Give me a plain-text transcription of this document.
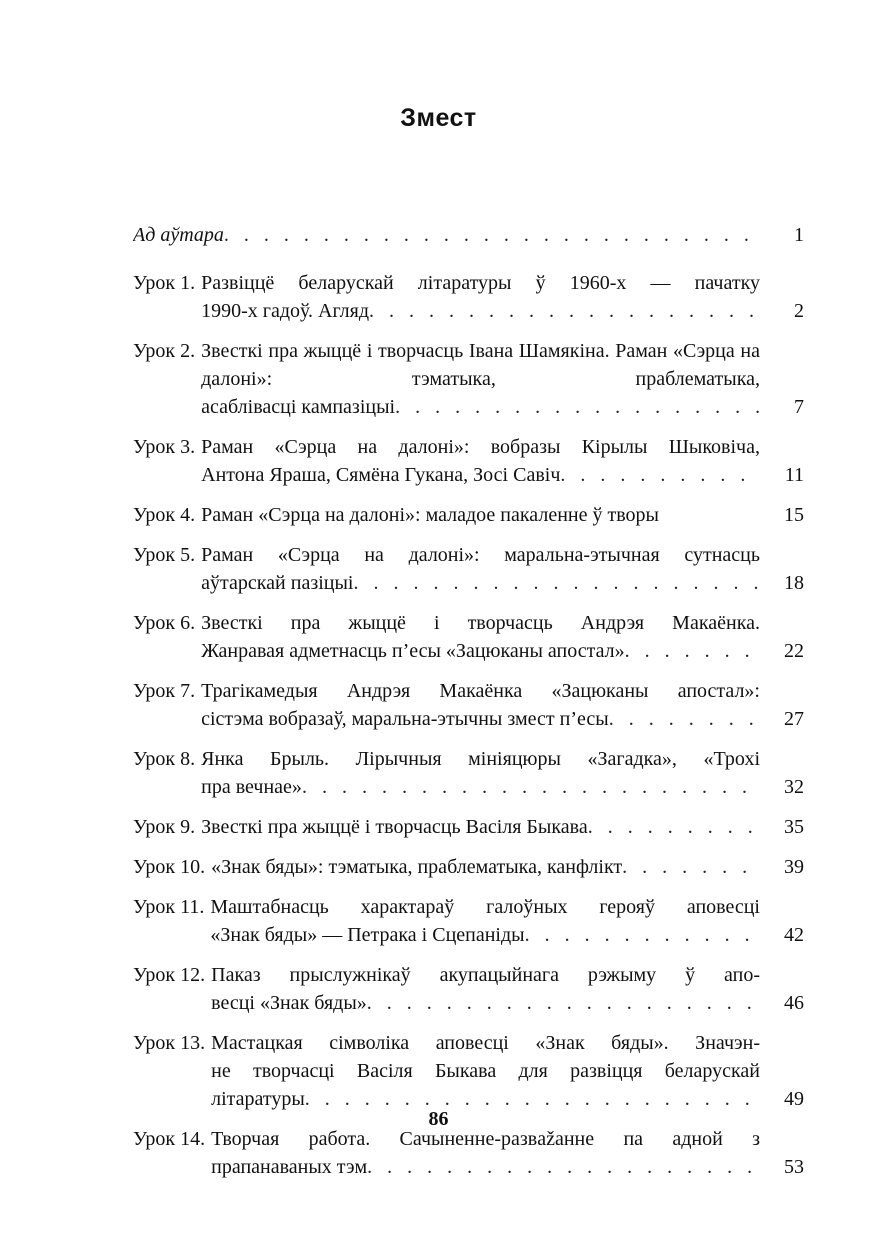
Змест
Ад аўтара . . .	1
Урок 1. Развіццё беларускай літаратуры ў 1960-х — пачатку
1990-х гадоў. Агляд . . .	2
Урок 2. Звесткі пра жыццё і творчасць Івана Шамякіна. Раман «Сэрца на далоні»: тэматыка, праблематыка,
асаблівасці кампазіцыі . . .	7
Урок 3. Раман «Сэрца на далоні»: вобразы Кірылы Шыковіча,
Антона Яраша, Сямёна Гукана, Зосі Савіч . . .	11
Урок 4. Раман «Сэрца на далоні»: маладое пакаленне ў творы	15
Урок 5. Раман «Сэрца на далоні»: маральна-этычная сутнасць
аўтарскай пазіцыі . . .	18
Урок 6. Звесткі пра жыццё і творчасць Андрэя Макаёнка.
Жанравая адметнасць п’есы «Зацюканы апостал» . . .	22
Урок 7. Трагікамедыя Андрэя Макаёнка «Зацюканы апостал»:
сістэма вобразаў, маральна-этычны змест п’есы . . .	27
Урок 8. Янка Брыль. Лірычныя мініяцюры «Загадка», «Трохі
пра вечнае» . . .	32
Урок 9. Звесткі пра жыццё і творчасць Васіля Быкава . . .	35
Урок 10. «Знак бяды»: тэматыка, праблематыка, канфлікт . . .	39
Урок 11. Маштабнасць характараў галоўных герояў аповесці
«Знак бяды» — Петрака і Сцепаніды . . .	42
Урок 12. Паказ прыслужнікаў акупацыйнага рэжыму ў апо-
весці «Знак бяды» . . .	46
Урок 13. Мастацкая сімволіка аповесці «Знак бяды». Значэн-
не творчасці Васіля Быкава для развіцця беларускай
літаратуры . . .	49
Урок 14. Творчая работа. Сачыненне-развažанне па адной з
прапанаваных тэм . . .	53
86
